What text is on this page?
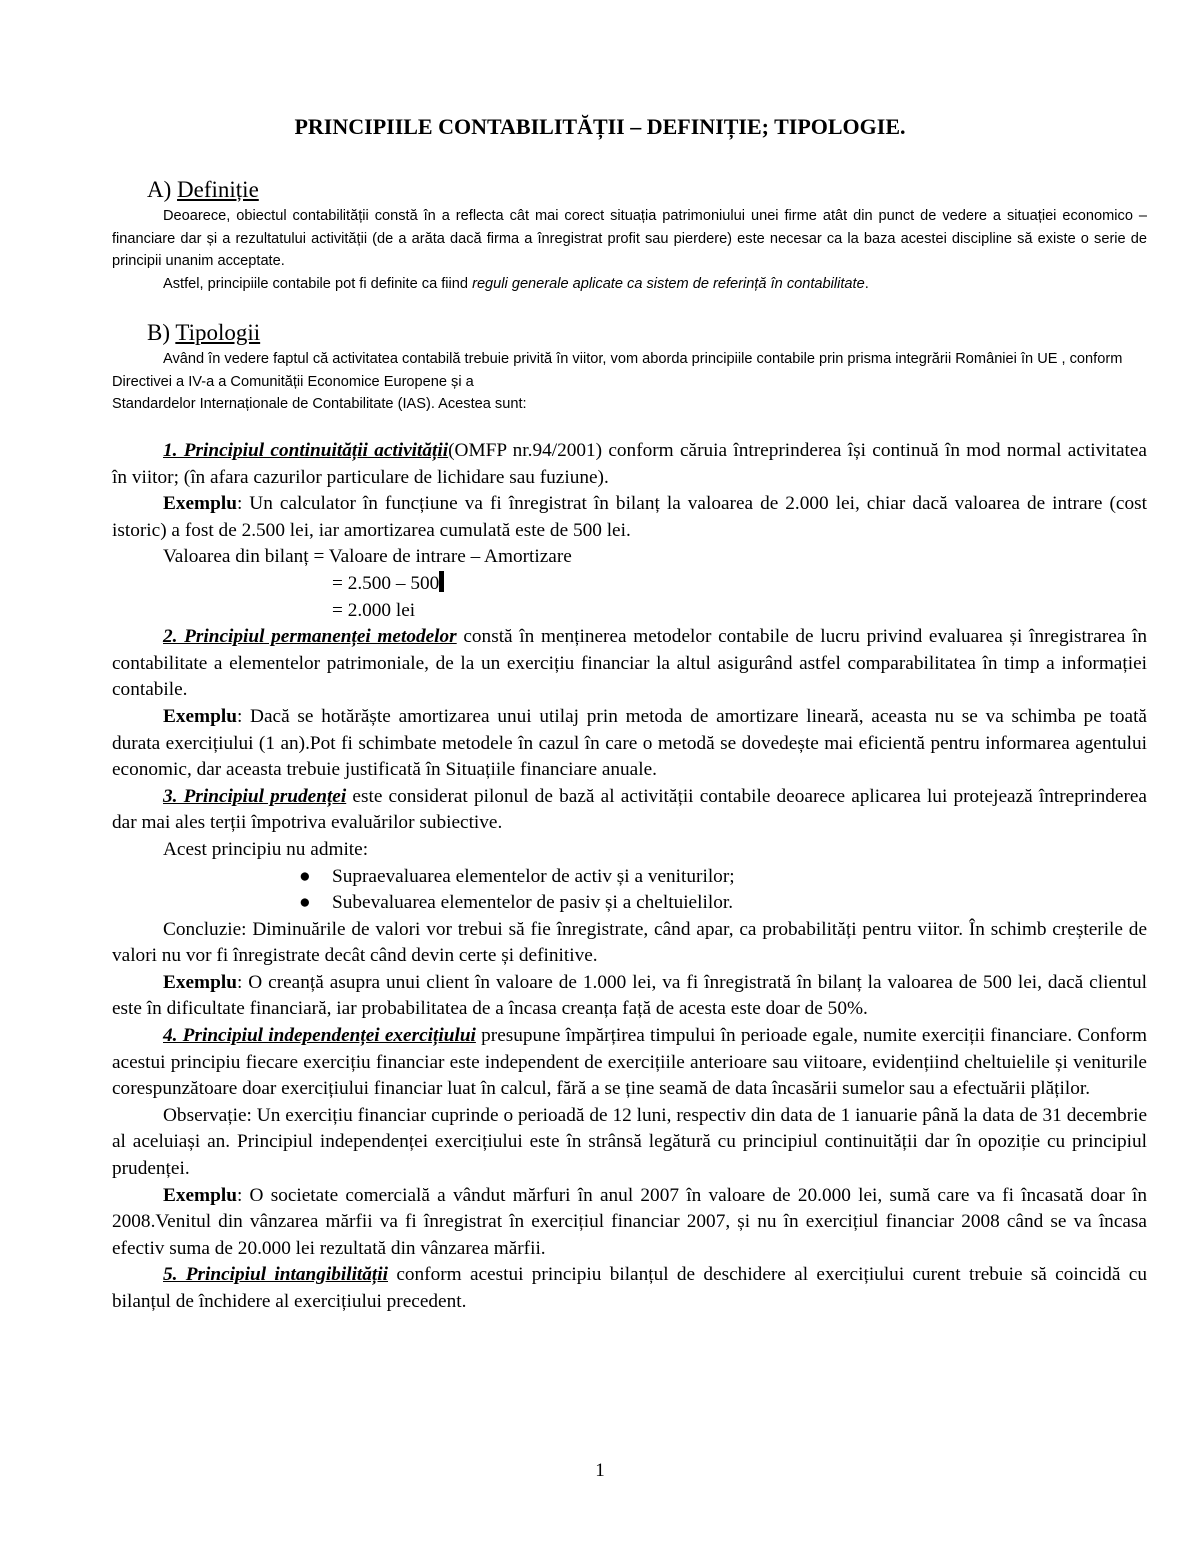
PRINCIPIILE CONTABILITĂȚII – DEFINIȚIE; TIPOLOGIE.
A) Definiție

Deoarece, obiectul contabilității constă în a reflecta cât mai corect situația patrimoniului unei firme atât din punct de vedere a situației economico – financiare dar și a rezultatului activității (de a arăta dacă firma a înregistrat profit sau pierdere) este necesar ca la baza acestei discipline să existe o serie de principii unanim acceptate.

Astfel, principiile contabile pot fi definite ca fiind reguli generale aplicate ca sistem de referință în contabilitate.

B) Tipologii

Având în vedere faptul că activitatea contabilă trebuie privită în viitor, vom aborda principiile contabile prin prisma integrării României în UE , conform Directivei a IV-a a Comunității Economice Europene și a

Standardelor Internaționale de Contabilitate (IAS). Acestea sunt:

1. Principiul continuității activității(OMFP nr.94/2001) conform căruia întreprinderea își continuă în mod normal activitatea în viitor; (în afara cazurilor particulare de lichidare sau fuziune).

Exemplu: Un calculator în funcțiune va fi înregistrat în bilanț la valoarea de 2.000 lei, chiar dacă valoarea de intrare (cost istoric) a fost de 2.500 lei, iar amortizarea cumulată este de 500 lei.

Valoarea din bilanț = Valoare de intrare – Amortizare

= 2.500 – 500

= 2.000 lei

2. Principiul permanenței metodelor constă în menținerea metodelor contabile de lucru privind evaluarea și înregistrarea în contabilitate a elementelor patrimoniale, de la un exercițiu financiar la altul asigurând astfel comparabilitatea în timp a informației contabile.

Exemplu: Dacă se hotărăște amortizarea unui utilaj prin metoda de amortizare lineară, aceasta nu se va schimba pe toată durata exercițiului (1 an).Pot fi schimbate metodele în cazul în care o metodă se dovedește mai eficientă pentru informarea agentului economic, dar aceasta trebuie justificată în Situațiile financiare anuale.

3. Principiul prudenței este considerat pilonul de bază al activității contabile deoarece aplicarea lui protejează întreprinderea dar mai ales terții împotriva evaluărilor subiective.

Acest principiu nu admite:

● Supraevaluarea elementelor de activ și a veniturilor;
● Subevaluarea elementelor de pasiv și a cheltuielilor.

Concluzie: Diminuările de valori vor trebui să fie înregistrate, când apar, ca probabilități pentru viitor. În schimb creșterile de valori nu vor fi înregistrate decât când devin certe și definitive.

Exemplu: O creanță asupra unui client în valoare de 1.000 lei, va fi înregistrată în bilanț la valoarea de 500 lei, dacă clientul este în dificultate financiară, iar probabilitatea de a încasa creanța față de acesta este doar de 50%.

4. Principiul independenței exercițiului presupune împărțirea timpului în perioade egale, numite exerciții financiare. Conform acestui principiu fiecare exercițiu financiar este independent de exercițiile anterioare sau viitoare, evidențiind cheltuielile și veniturile corespunzătoare doar exercițiului financiar luat în calcul, fără a se ține seamă de data încasării sumelor sau a efectuării plăților.

Observație: Un exercițiu financiar cuprinde o perioadă de 12 luni, respectiv din data de 1 ianuarie până la data de 31 decembrie al aceluiași an. Principiul independenței exercițiului este în strânsă legătură cu principiul continuității dar în opoziție cu principiul prudenței.

Exemplu: O societate comercială a vândut mărfuri în anul 2007 în valoare de 20.000 lei, sumă care va fi încasată doar în 2008.Venitul din vânzarea mărfii va fi înregistrat în exercițiul financiar 2007, și nu în exercițiul financiar 2008 când se va încasa efectiv suma de 20.000 lei rezultată din vânzarea mărfii.

5. Principiul intangibilității conform acestui principiu bilanțul de deschidere al exercițiului curent trebuie să coincidă cu bilanțul de închidere al exercițiului precedent.

1
